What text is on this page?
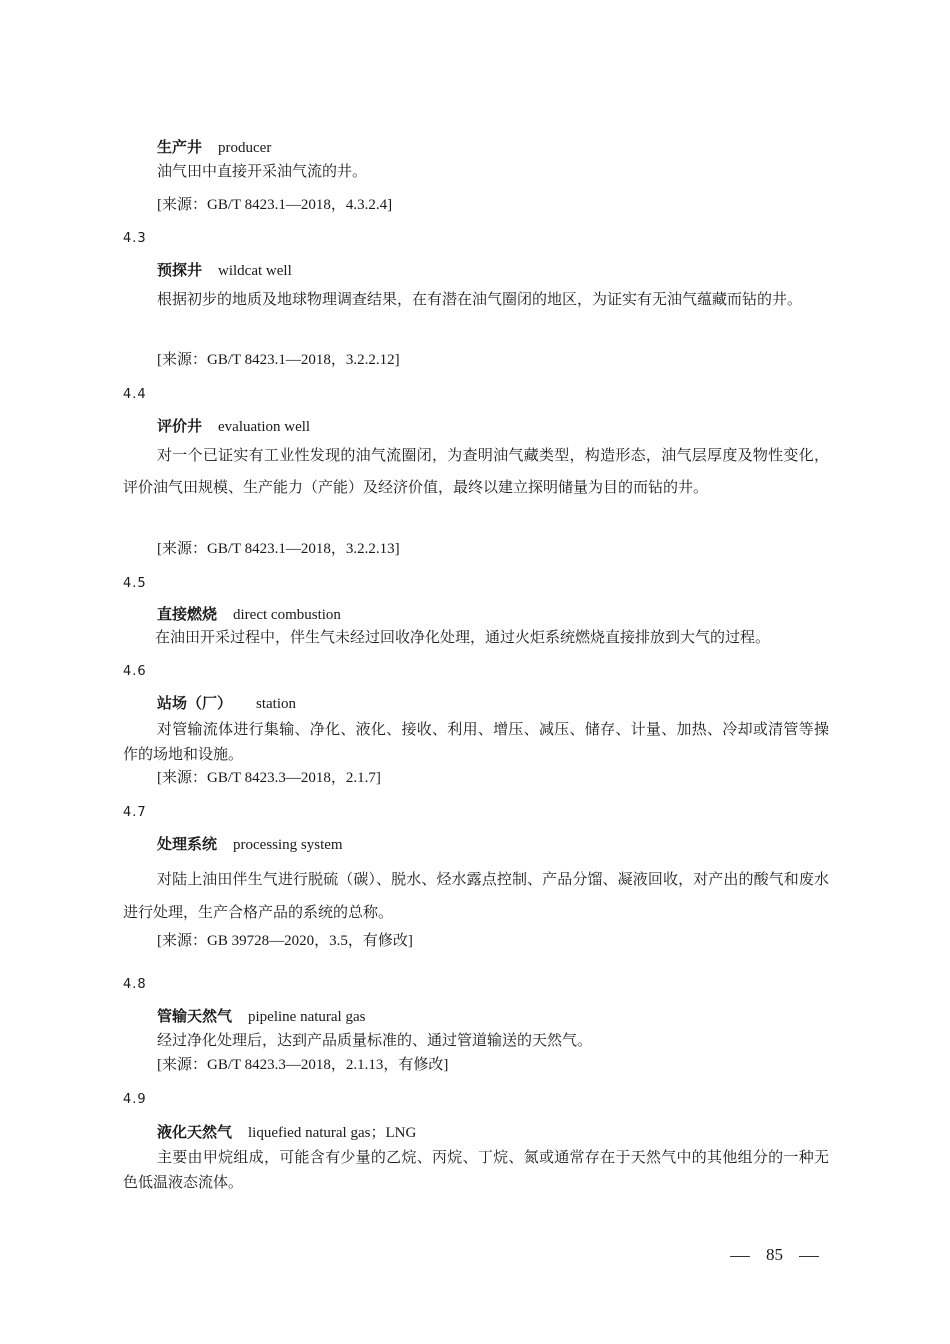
生产井 producer
油气田中直接开采油气流的井。
[来源：GB/T 8423.1—2018，4.3.2.4]
4.3
预探井 wildcat well
根据初步的地质及地球物理调查结果，在有潜在油气圈闭的地区，为证实有无油气蕴藏而钻的井。
[来源：GB/T 8423.1—2018，3.2.2.12]
4.4
评价井 evaluation well
对一个已证实有工业性发现的油气流圈闭，为查明油气藏类型，构造形态，油气层厚度及物性变化，评价油气田规模、生产能力（产能）及经济价值，最终以建立探明储量为目的而钻的井。
[来源：GB/T 8423.1—2018，3.2.2.13]
4.5
直接燃烧 direct combustion
在油田开采过程中，伴生气未经过回收净化处理，通过火炬系统燃烧直接排放到大气的过程。
4.6
站场（厂） station
对管输流体进行集输、净化、液化、接收、利用、增压、减压、储存、计量、加热、冷却或清管等操作的场地和设施。
[来源：GB/T 8423.3—2018，2.1.7]
4.7
处理系统 processing system
对陆上油田伴生气进行脱硫（碳）、脱水、烃水露点控制、产品分馏、凝液回收，对产出的酸气和废水进行处理，生产合格产品的系统的总称。
[来源：GB 39728—2020，3.5，有修改]
4.8
管输天然气 pipeline natural gas
经过净化处理后，达到产品质量标准的、通过管道输送的天然气。
[来源：GB/T 8423.3—2018，2.1.13，有修改]
4.9
液化天然气 liquefied natural gas；LNG
主要由甲烷组成，可能含有少量的乙烷、丙烷、丁烷、氮或通常存在于天然气中的其他组分的一种无色低温液态流体。
85
